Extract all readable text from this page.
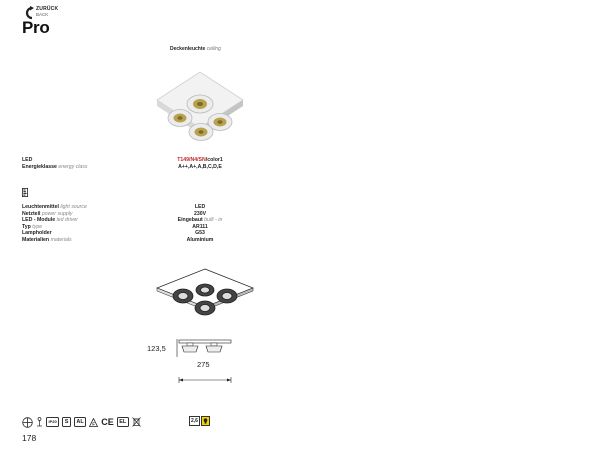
ZURÜCK
BACK
Pro
Deckenleuchte ceiling
LED	T149/N4/SN/color1
Energieklasse energy class	A++,A+,A,B,C,D,E
Leuchtenmittel light source	LED
Netzteil power supply	230V
LED - Module led driver	Eingebaut built - in
Typ type	AR111
Lampholder	G53
Materialien materials	Aluminium
123,5
275
IP20	S	AL	F CE	EL	2,6
178
